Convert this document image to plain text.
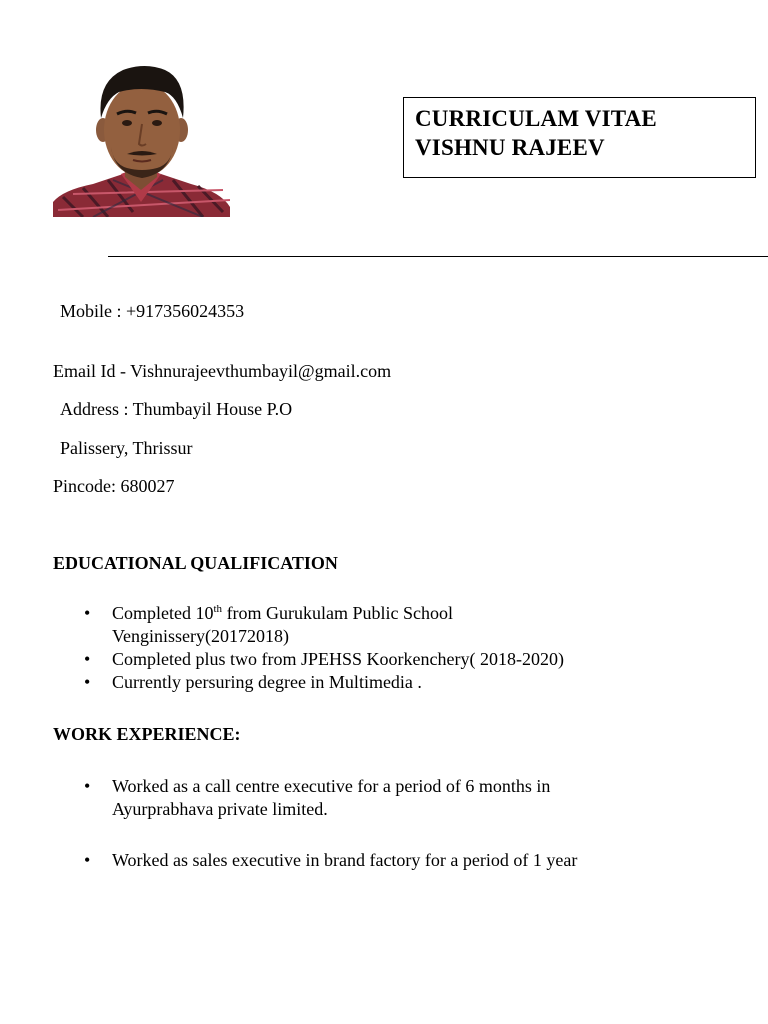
CURRICULAM VITAE
VISHNU RAJEEV
Mobile : +917356024353
Email Id - Vishnurajeevthumbayil@gmail.com
Address : Thumbayil House P.O
Palissery, Thrissur
Pincode: 680027
EDUCATIONAL QUALIFICATION
• Completed 10th from Gurukulam Public School
Venginissery(20172018)
• Completed plus two from JPEHSS Koorkenchery( 2018-2020)
• Currently persuring degree in Multimedia .
WORK EXPERIENCE:
• Worked as a call centre executive for a period of 6 months in
Ayurprabhava private limited.
• Worked as sales executive in brand factory for a period of 1 year
